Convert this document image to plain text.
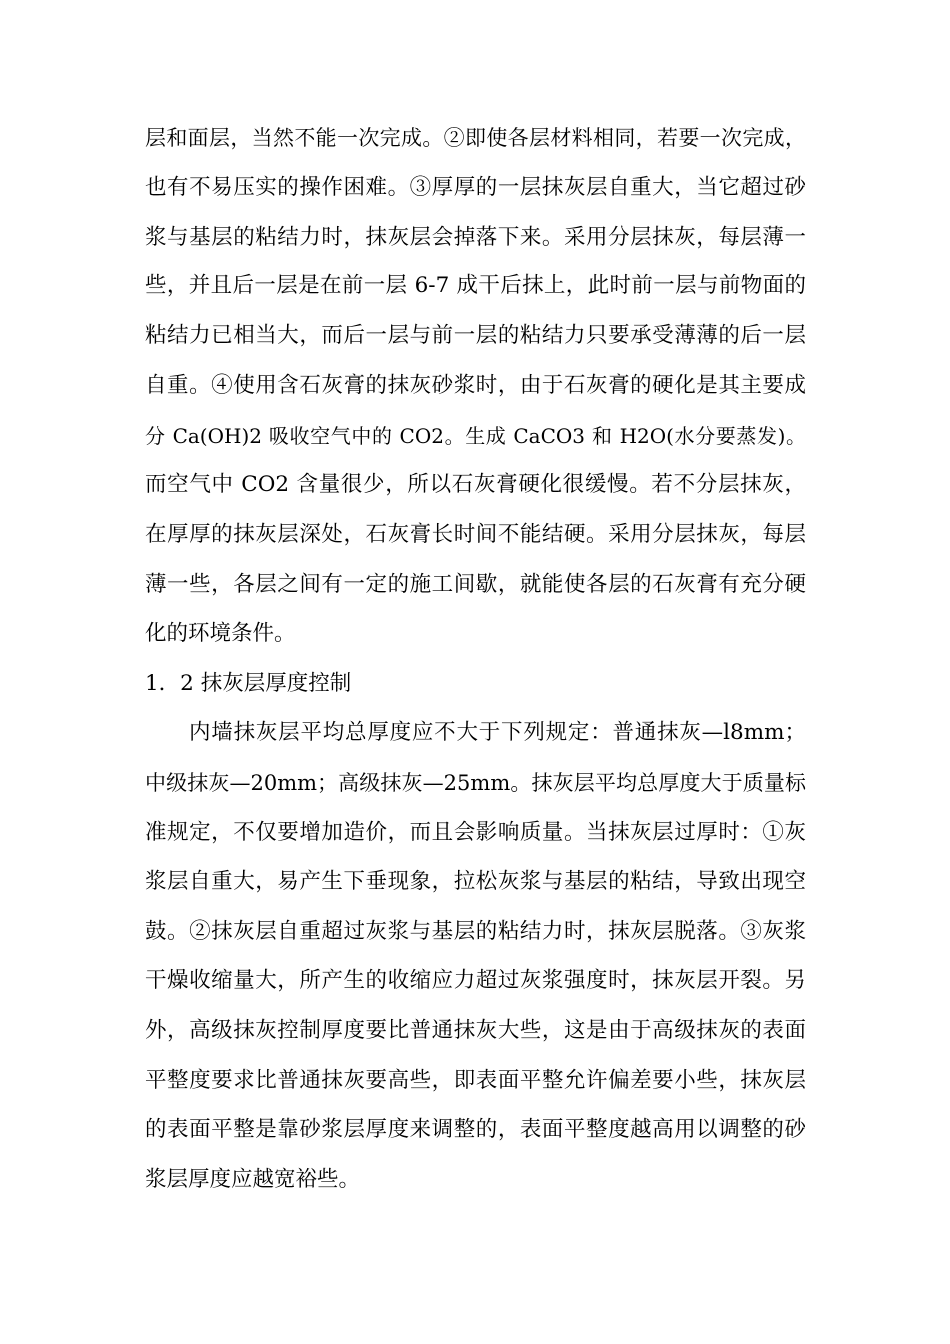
层和面层，当然不能一次完成。②即使各层材料相同，若要一次完成，

也有不易压实的操作困难。③厚厚的一层抹灰层自重大，当它超过砂

浆与基层的粘结力时，抹灰层会掉落下来。采用分层抹灰，每层薄一

些，并且后一层是在前一层 6-7 成干后抹上，此时前一层与前物面的

粘结力已相当大，而后一层与前一层的粘结力只要承受薄薄的后一层

自重。④使用含石灰膏的抹灰砂浆时，由于石灰膏的硬化是其主要成

分 Ca(OH)2 吸收空气中的 CO2。生成 CaCO3 和 H2O(水分要蒸发)。

而空气中 CO2 含量很少，所以石灰膏硬化很缓慢。若不分层抹灰，

在厚厚的抹灰层深处，石灰膏长时间不能结硬。采用分层抹灰，每层

薄一些，各层之间有一定的施工间歇，就能使各层的石灰膏有充分硬

化的环境条件。

1．2 抹灰层厚度控制

内墙抹灰层平均总厚度应不大于下列规定：普通抹灰—l8mm；

中级抹灰—20mm；高级抹灰—25mm。抹灰层平均总厚度大于质量标

准规定，不仅要增加造价，而且会影响质量。当抹灰层过厚时：①灰

浆层自重大，易产生下垂现象，拉松灰浆与基层的粘结，导致出现空

鼓。②抹灰层自重超过灰浆与基层的粘结力时，抹灰层脱落。③灰浆

干燥收缩量大，所产生的收缩应力超过灰浆强度时，抹灰层开裂。另

外，高级抹灰控制厚度要比普通抹灰大些，这是由于高级抹灰的表面

平整度要求比普通抹灰要高些，即表面平整允许偏差要小些，抹灰层

的表面平整是靠砂浆层厚度来调整的，表面平整度越高用以调整的砂

浆层厚度应越宽裕些。
